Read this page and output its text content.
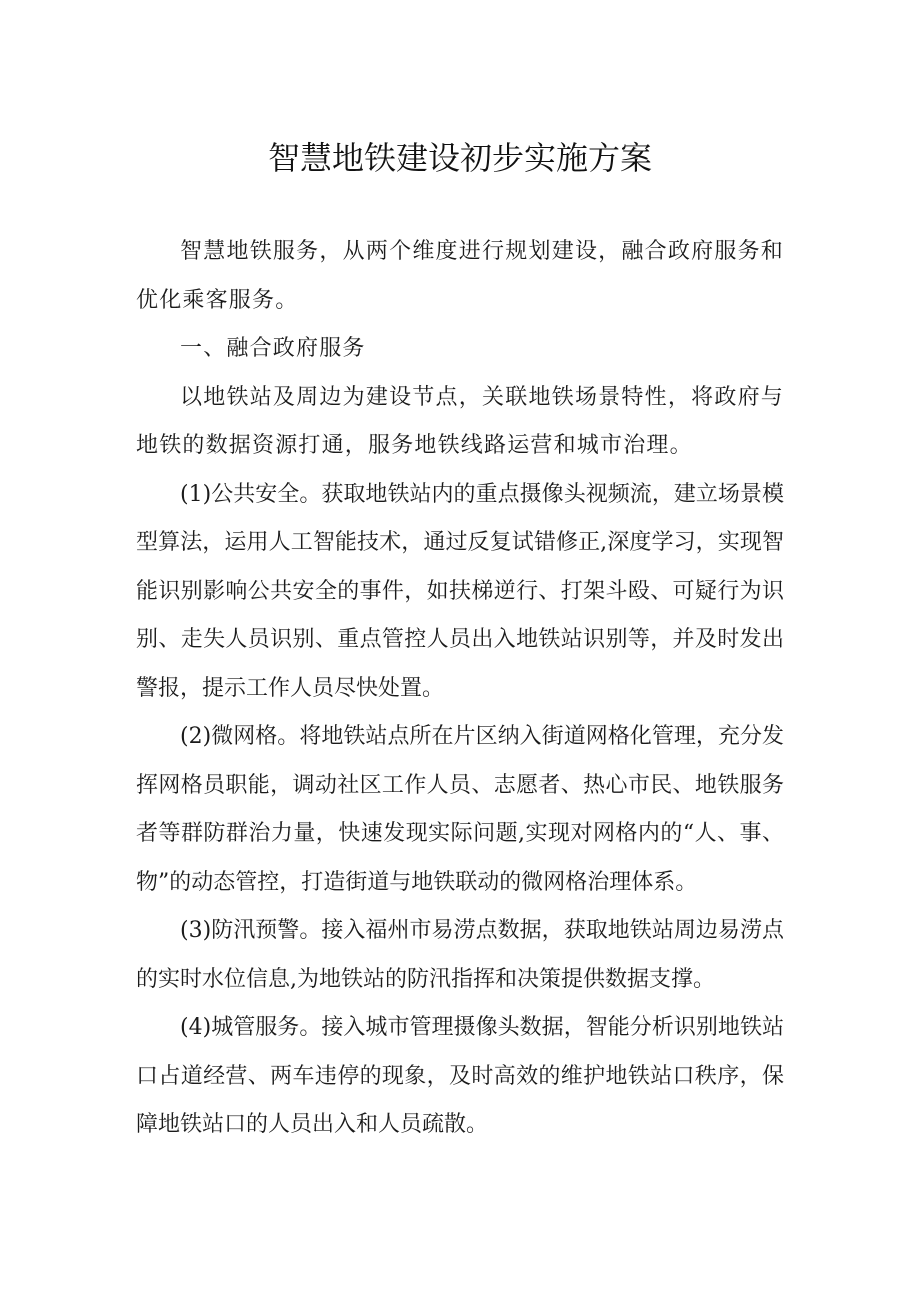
智慧地铁建设初步实施方案

智慧地铁服务，从两个维度进行规划建设，融合政府服务和优化乘客服务。

一、融合政府服务

以地铁站及周边为建设节点，关联地铁场景特性，将政府与地铁的数据资源打通，服务地铁线路运营和城市治理。

(1)公共安全。获取地铁站内的重点摄像头视频流，建立场景模型算法，运用人工智能技术，通过反复试错修正,深度学习，实现智能识别影响公共安全的事件，如扶梯逆行、打架斗殴、可疑行为识别、走失人员识别、重点管控人员出入地铁站识别等，并及时发出警报，提示工作人员尽快处置。

(2)微网格。将地铁站点所在片区纳入街道网格化管理，充分发挥网格员职能，调动社区工作人员、志愿者、热心市民、地铁服务者等群防群治力量，快速发现实际问题,实现对网格内的“人、事、物”的动态管控，打造街道与地铁联动的微网格治理体系。

(3)防汛预警。接入福州市易涝点数据，获取地铁站周边易涝点的实时水位信息,为地铁站的防汛指挥和决策提供数据支撑。

(4)城管服务。接入城市管理摄像头数据，智能分析识别地铁站口占道经营、两车违停的现象，及时高效的维护地铁站口秩序，保障地铁站口的人员出入和人员疏散。
